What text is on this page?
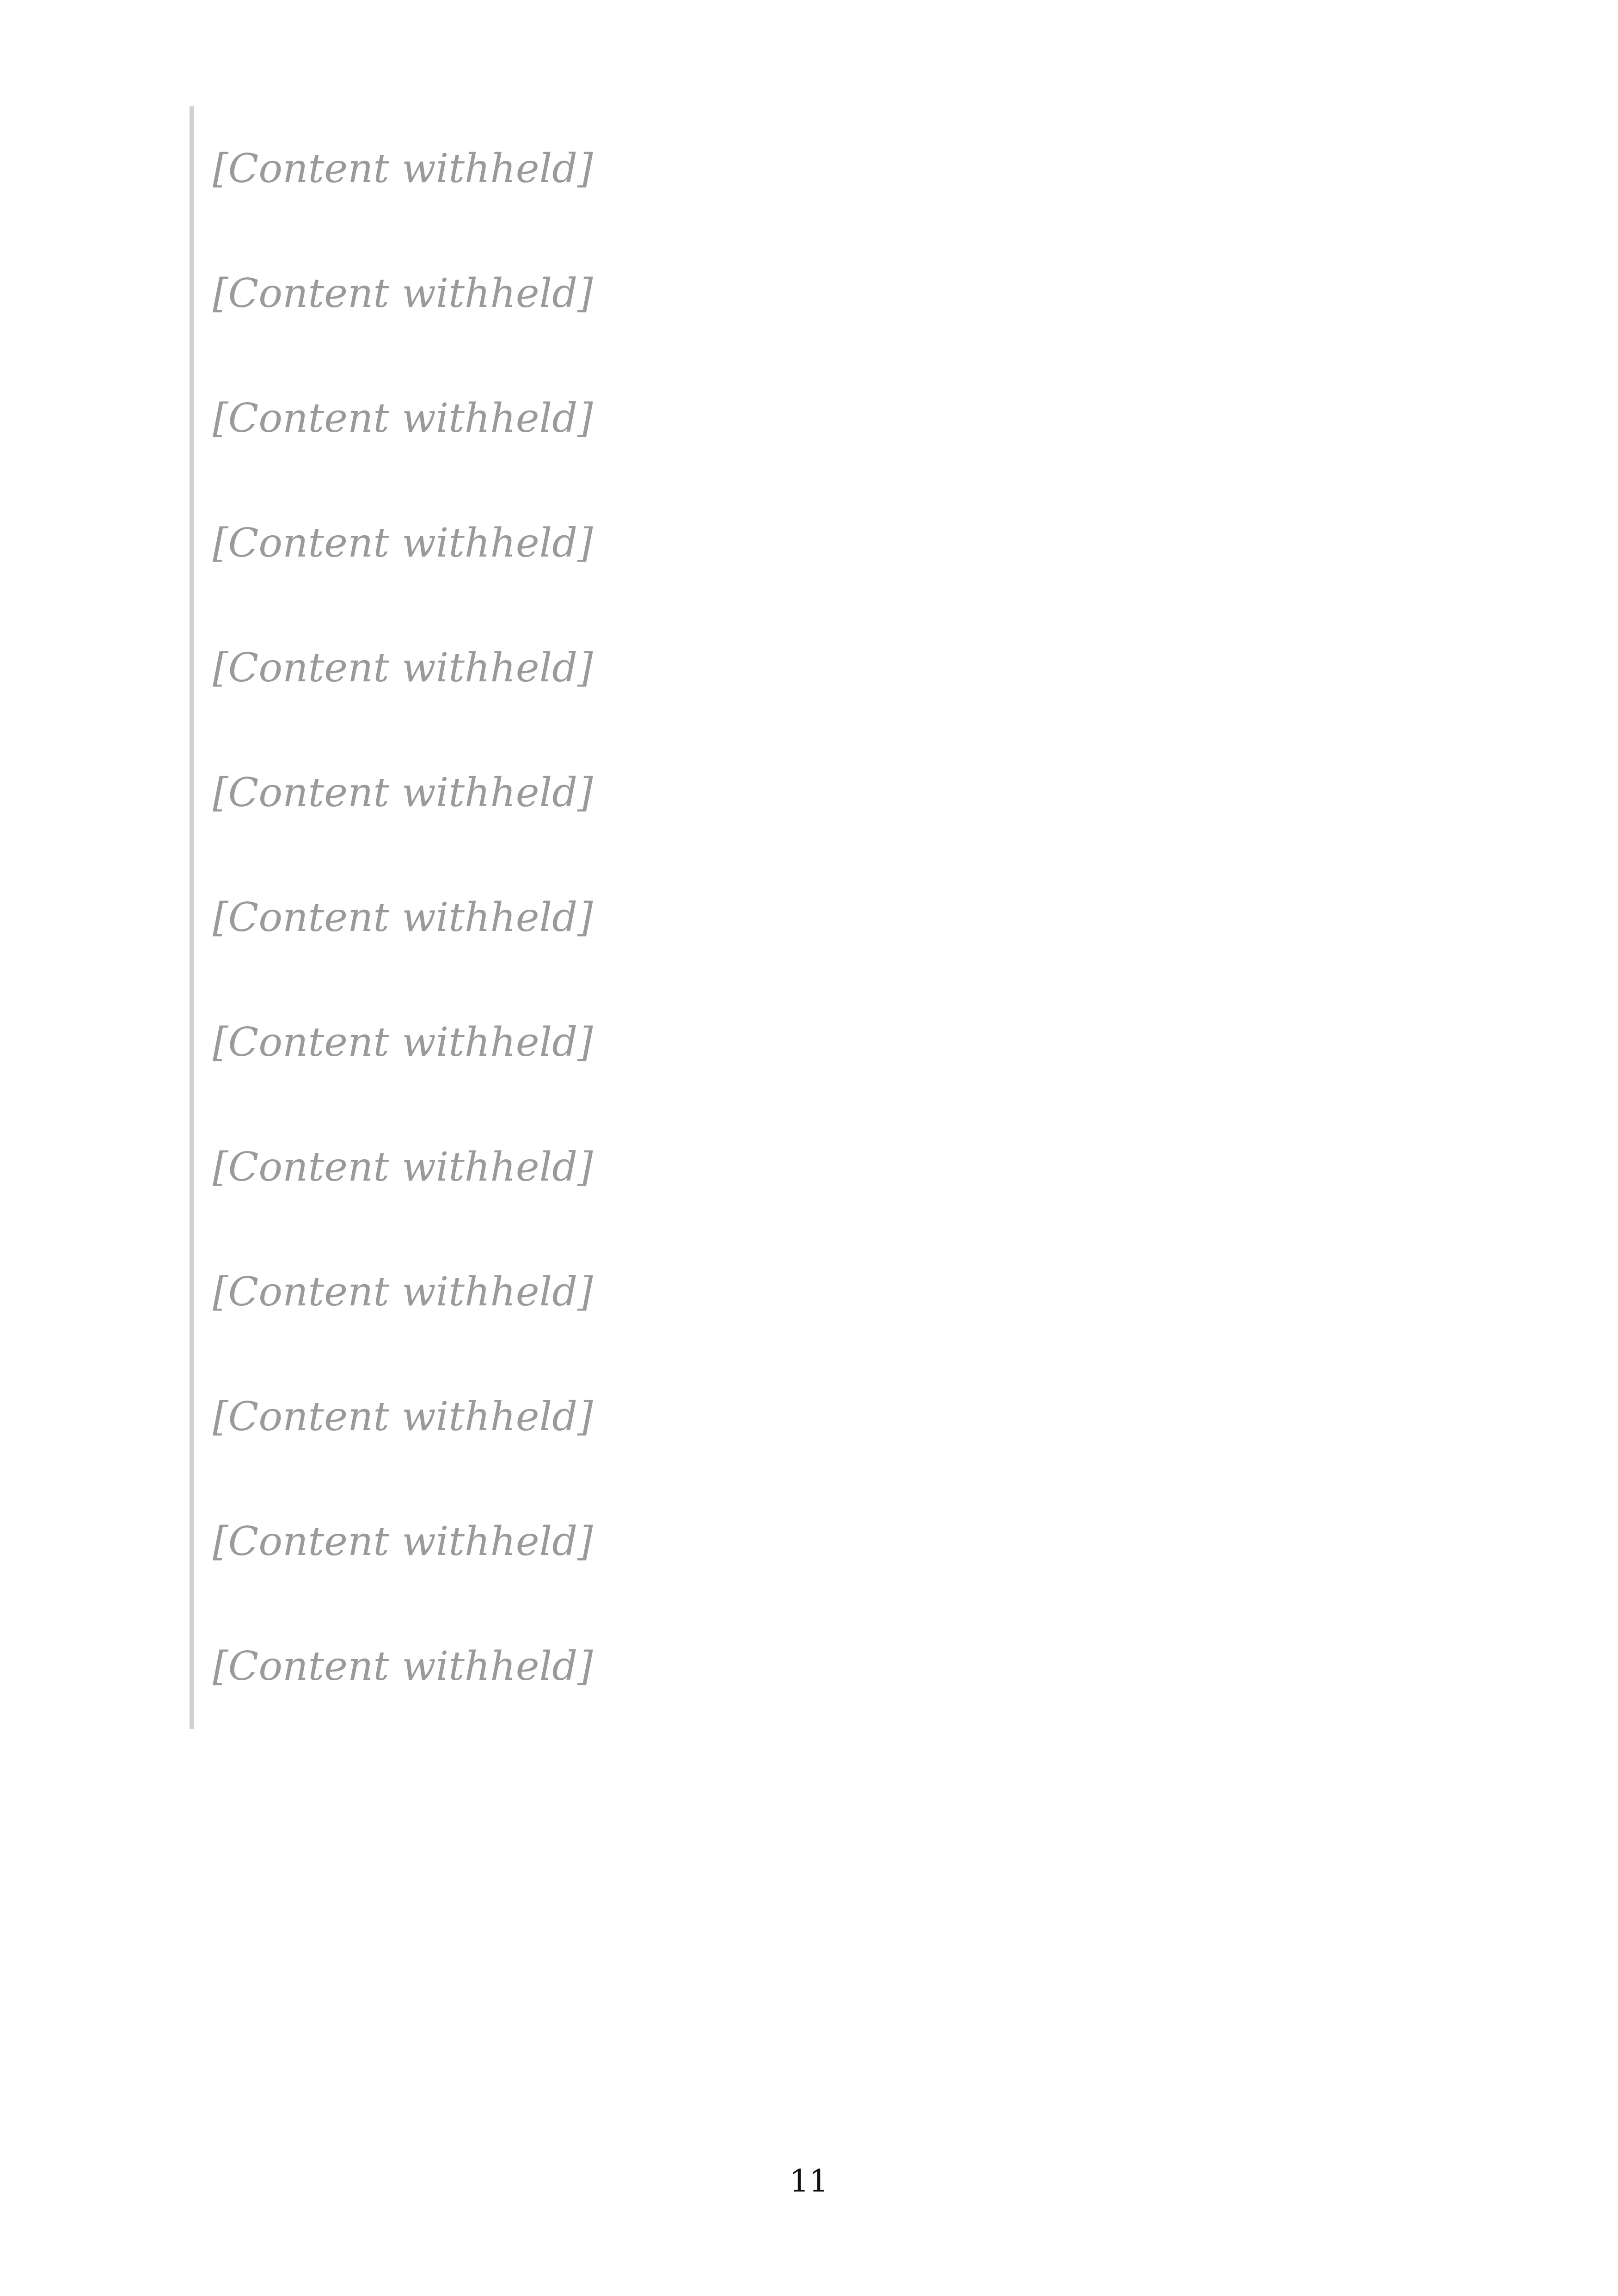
[Content withheld]

[Content withheld]

[Content withheld]

[Content withheld]

[Content withheld]

[Content withheld]

[Content withheld]

[Content withheld]

[Content withheld]

[Content withheld]

[Content withheld]

[Content withheld]

[Content withheld]

11
